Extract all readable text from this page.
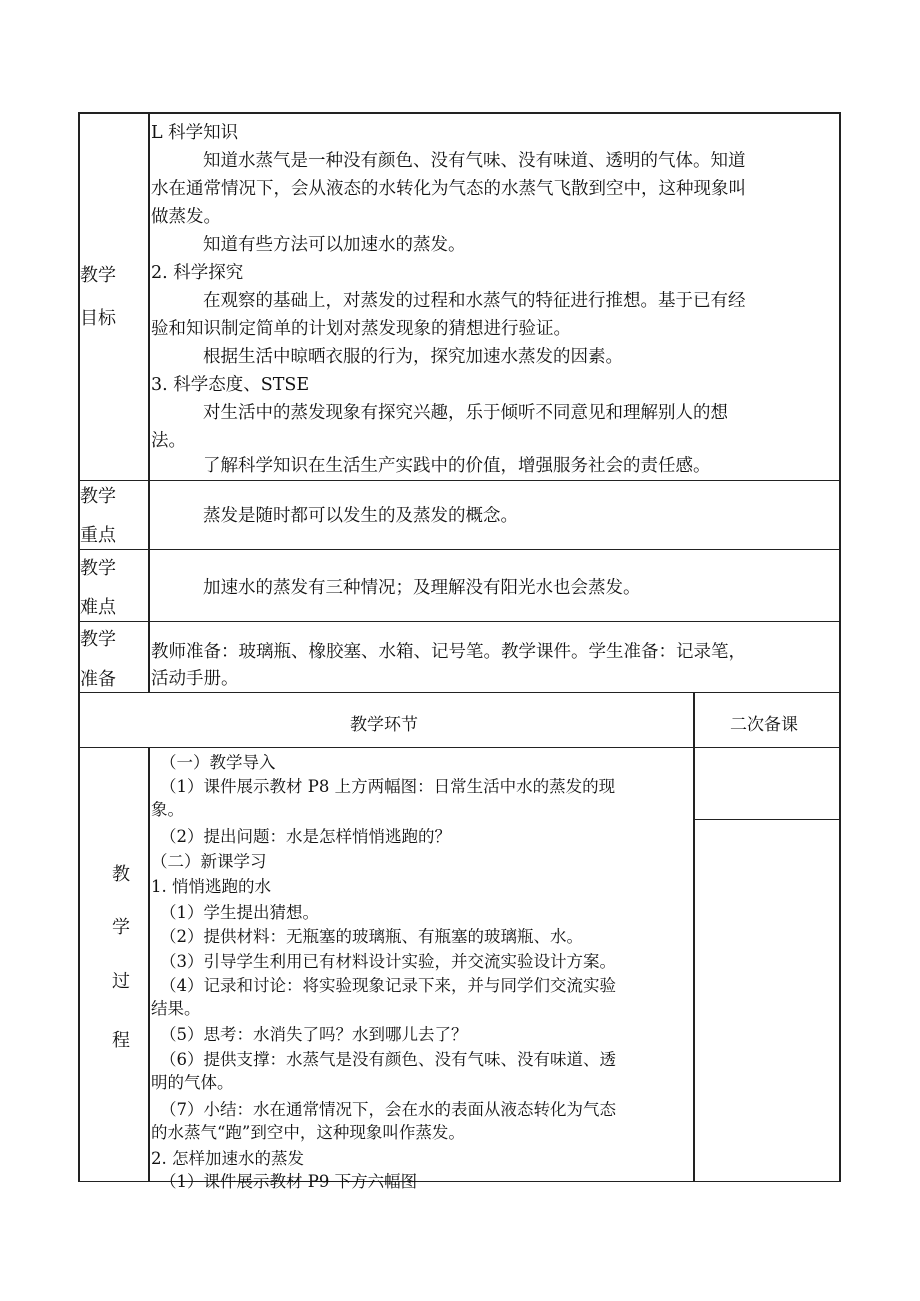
教学
目标
L 科学知识
知道水蒸气是一种没有颜色、没有气味、没有味道、透明的气体。知道
水在通常情况下，会从液态的水转化为气态的水蒸气飞散到空中，这种现象叫
做蒸发。
知道有些方法可以加速水的蒸发。
2. 科学探究
在观察的基础上，对蒸发的过程和水蒸气的特征进行推想。基于已有经
验和知识制定简单的计划对蒸发现象的猜想进行验证。
根据生活中晾晒衣服的行为，探究加速水蒸发的因素。
3. 科学态度、STSE
对生活中的蒸发现象有探究兴趣，乐于倾听不同意见和理解别人的想
法。
了解科学知识在生活生产实践中的价值，增强服务社会的责任感。
教学
重点
蒸发是随时都可以发生的及蒸发的概念。
教学
难点
加速水的蒸发有三种情况；及理解没有阳光水也会蒸发。
教学
准备
教师准备：玻璃瓶、橡胶塞、水箱、记号笔。教学课件。学生准备：记录笔，
活动手册。
教学环节	二次备课
教
学
过
程
（一）教学导入
（1）课件展示教材 P8 上方两幅图：日常生活中水的蒸发的现
象。
（2）提出问题：水是怎样悄悄逃跑的？
（二）新课学习
1. 悄悄逃跑的水
（1）学生提出猜想。
（2）提供材料：无瓶塞的玻璃瓶、有瓶塞的玻璃瓶、水。
（3）引导学生利用已有材料设计实验，并交流实验设计方案。
（4）记录和讨论：将实验现象记录下来，并与同学们交流实验
结果。
（5）思考：水消失了吗？水到哪儿去了？
（6）提供支撑：水蒸气是没有颜色、没有气味、没有味道、透
明的气体。
（7）小结：水在通常情况下，会在水的表面从液态转化为气态
的水蒸气“跑”到空中，这种现象叫作蒸发。
2. 怎样加速水的蒸发
（1）课件展示教材 P9 下方六幅图
